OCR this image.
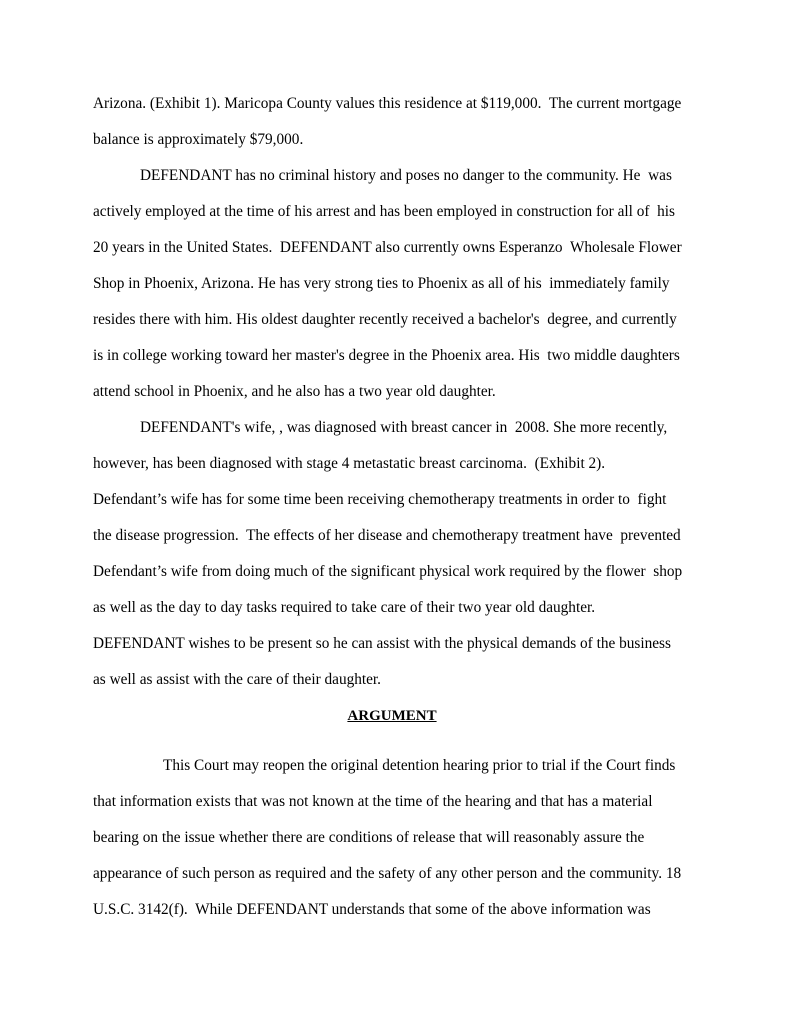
Arizona. (Exhibit 1). Maricopa County values this residence at $119,000.  The current mortgage

balance is approximately $79,000.

DEFENDANT has no criminal history and poses no danger to the community. He  was

actively employed at the time of his arrest and has been employed in construction for all of  his

20 years in the United States.  DEFENDANT also currently owns Esperanzo  Wholesale Flower

Shop in Phoenix, Arizona. He has very strong ties to Phoenix as all of his  immediately family

resides there with him. His oldest daughter recently received a bachelor's  degree, and currently

is in college working toward her master's degree in the Phoenix area. His  two middle daughters

attend school in Phoenix, and he also has a two year old daughter.

DEFENDANT's wife, , was diagnosed with breast cancer in  2008. She more recently,

however, has been diagnosed with stage 4 metastatic breast carcinoma.  (Exhibit 2).

Defendant’s wife has for some time been receiving chemotherapy treatments in order to  fight

the disease progression.  The effects of her disease and chemotherapy treatment have  prevented

Defendant’s wife from doing much of the significant physical work required by the flower  shop

as well as the day to day tasks required to take care of their two year old daughter.

DEFENDANT wishes to be present so he can assist with the physical demands of the business

as well as assist with the care of their daughter.

ARGUMENT

This Court may reopen the original detention hearing prior to trial if the Court finds

that information exists that was not known at the time of the hearing and that has a material

bearing on the issue whether there are conditions of release that will reasonably assure the

appearance of such person as required and the safety of any other person and the community. 18

U.S.C. 3142(f).  While DEFENDANT understands that some of the above information was
